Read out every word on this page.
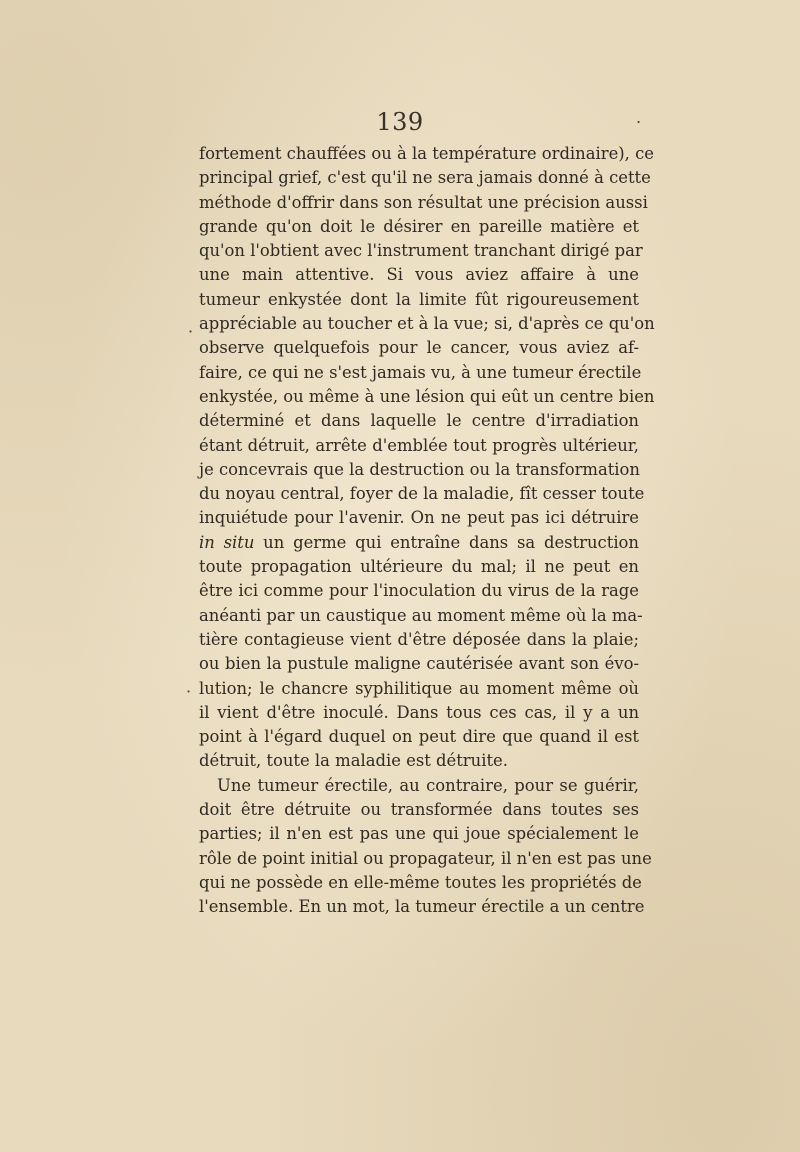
139
fortement chauffées ou à la température ordinaire), ce
principal grief, c'est qu'il ne sera jamais donné à cette
méthode d'offrir dans son résultat une précision aussi
grande qu'on doit le désirer en pareille matière et
qu'on l'obtient avec l'instrument tranchant dirigé par
une main attentive. Si vous aviez affaire à une
tumeur enkystée dont la limite fût rigoureusement
appréciable au toucher et à la vue; si, d'après ce qu'on
observe quelquefois pour le cancer, vous aviez af-
faire, ce qui ne s'est jamais vu, à une tumeur érectile
enkystée, ou même à une lésion qui eût un centre bien
déterminé et dans laquelle le centre d'irradiation
étant détruit, arrête d'emblée tout progrès ultérieur,
je concevrais que la destruction ou la transformation
du noyau central, foyer de la maladie, fît cesser toute
inquiétude pour l'avenir. On ne peut pas ici détruire
in situ un germe qui entraîne dans sa destruction
toute propagation ultérieure du mal; il ne peut en
être ici comme pour l'inoculation du virus de la rage
anéanti par un caustique au moment même où la ma-
tière contagieuse vient d'être déposée dans la plaie;
ou bien la pustule maligne cautérisée avant son évo-
lution; le chancre syphilitique au moment même où
il vient d'être inoculé. Dans tous ces cas, il y a un
point à l'égard duquel on peut dire que quand il est
détruit, toute la maladie est détruite.
Une tumeur érectile, au contraire, pour se guérir,
doit être détruite ou transformée dans toutes ses
parties; il n'en est pas une qui joue spécialement le
rôle de point initial ou propagateur, il n'en est pas une
qui ne possède en elle-même toutes les propriétés de
l'ensemble. En un mot, la tumeur érectile a un centre
.
·
·
